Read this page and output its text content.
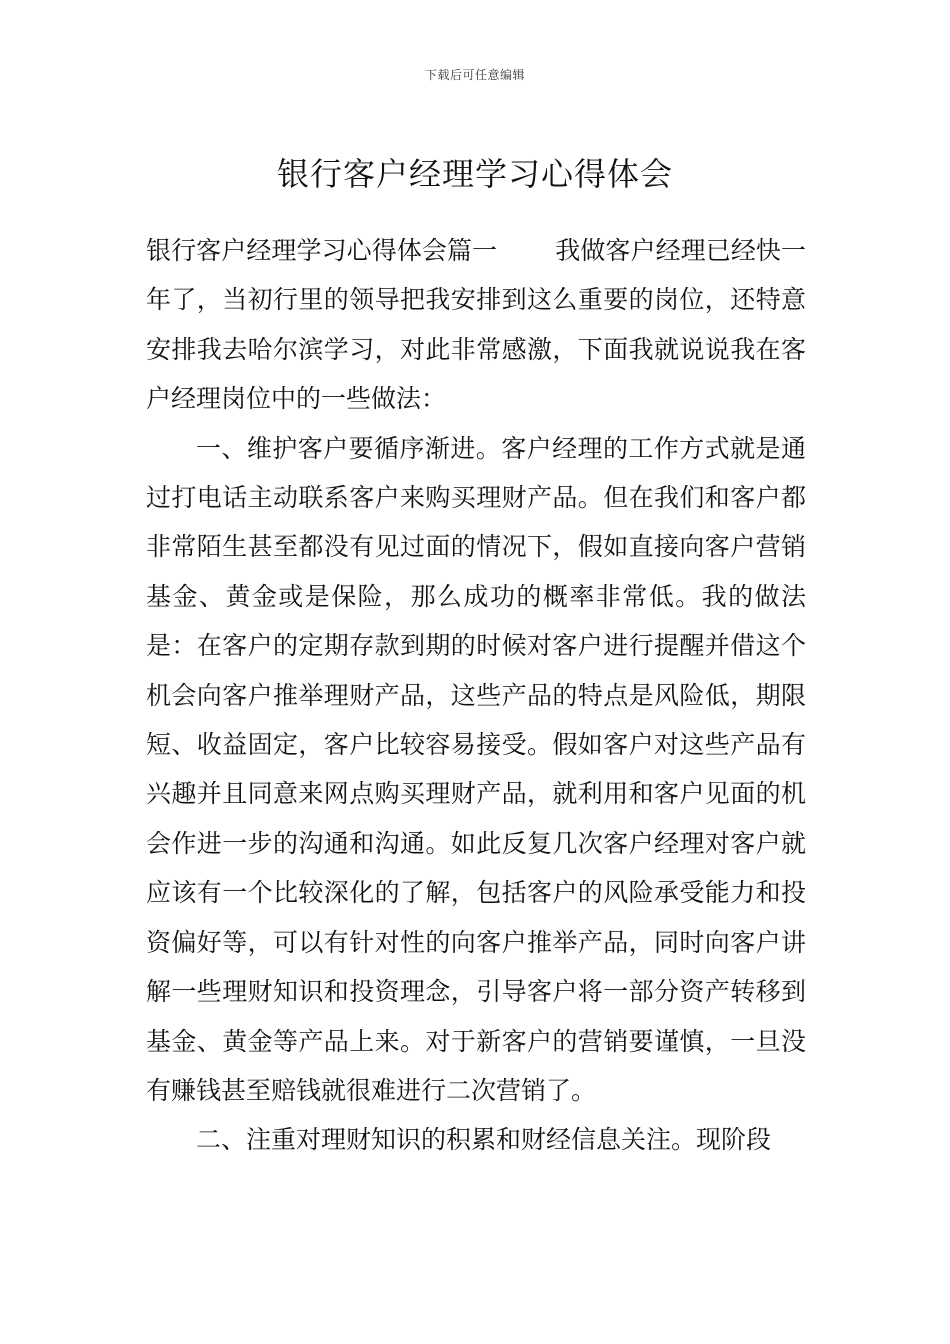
下载后可任意编辑
银行客户经理学习心得体会

银行客户经理学习心得体会篇一 我做客户经理已经快一年了，当初行里的领导把我安排到这么重要的岗位，还特意安排我去哈尔滨学习，对此非常感激，下面我就说说我在客户经理岗位中的一些做法：

一、维护客户要循序渐进。客户经理的工作方式就是通过打电话主动联系客户来购买理财产品。但在我们和客户都非常陌生甚至都没有见过面的情况下，假如直接向客户营销基金、黄金或是保险，那么成功的概率非常低。我的做法是：在客户的定期存款到期的时候对客户进行提醒并借这个机会向客户推举理财产品，这些产品的特点是风险低，期限短、收益固定，客户比较容易接受。假如客户对这些产品有兴趣并且同意来网点购买理财产品，就利用和客户见面的机会作进一步的沟通和沟通。如此反复几次客户经理对客户就应该有一个比较深化的了解，包括客户的风险承受能力和投资偏好等，可以有针对性的向客户推举产品，同时向客户讲解一些理财知识和投资理念，引导客户将一部分资产转移到基金、黄金等产品上来。对于新客户的营销要谨慎，一旦没有赚钱甚至赔钱就很难进行二次营销了。

二、注重对理财知识的积累和财经信息关注。现阶段
